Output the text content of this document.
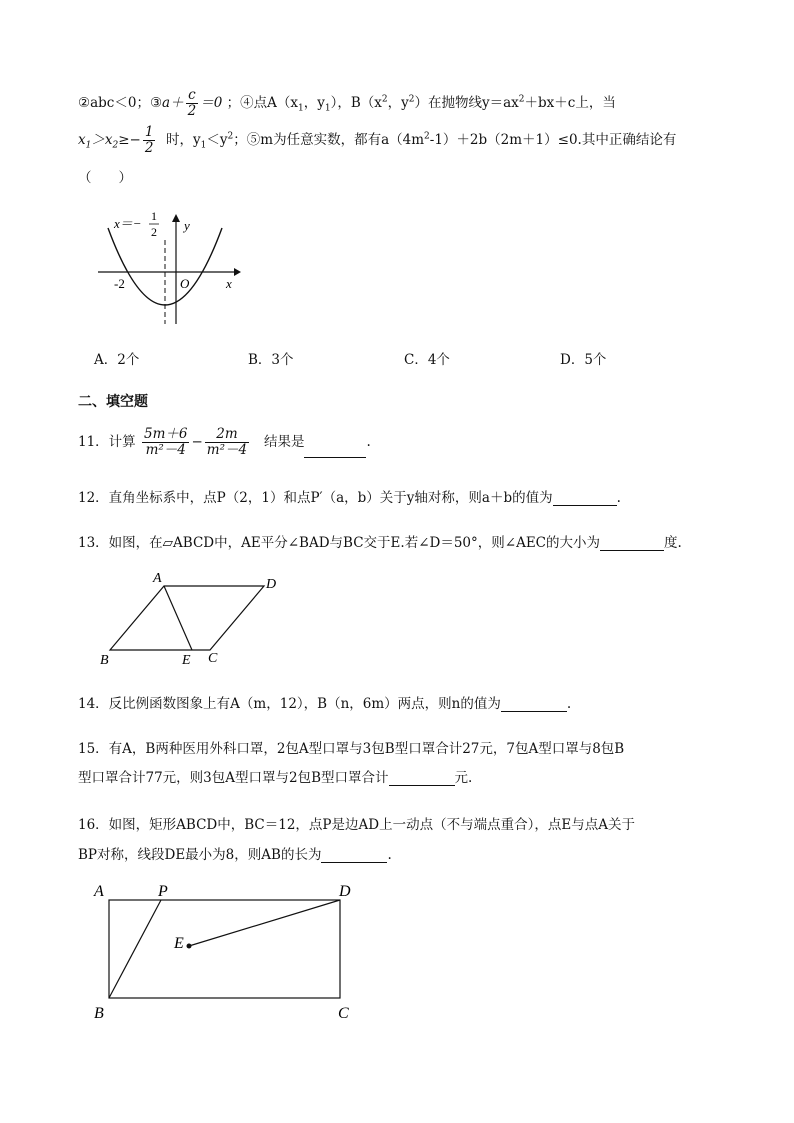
②abc＜0；③a＋ $\frac{c}{2} =0$ ；④点$A(x_1$，$y_1$），$B(x^2$，$y^2$）在抛物线$y=ax^2+bx+c$上，当
$x_1>x_2\ge- \frac{1}{2}$ 时，$y_1<y^2$；⑤m为任意实数，都有$a(4m^2-1)+2b(2m+1)\le 0$.其中正确结论有
（　　）
x＝− 1
2 y
x
O
-2
A．2个	B．3个	C．4个	D．5个
二、填空题
11．计算 $\frac{5m+6}{\text{m²－4}} - \frac{2m}{\text{m²－4}}$ 结果是	.
12．直角坐标系中，点P（2，1）和点P′（a，b）关于y轴对称，则a＋b的值为	.
13．如图，在▱ABCD中，AE平分∠BAD与BC交于E.若∠D＝50°，则∠AEC的大小为	度.
A	D
B	E C
14．反比例函数图象上有A（m，12），B（n，6m）两点，则n的值为	.
15．有A，B两种医用外科口罩，2包A型口罩与3包B型口罩合计27元，7包A型口罩与8包B
型口罩合计77元，则3包A型口罩与2包B型口罩合计	元.
16．如图，矩形ABCD中，BC＝12，点P是边AD上一动点（不与端点重合），点E与点A关于
BP对称，线段DE最小为8，则AB的长为	.
A	P	D
E
B	C
